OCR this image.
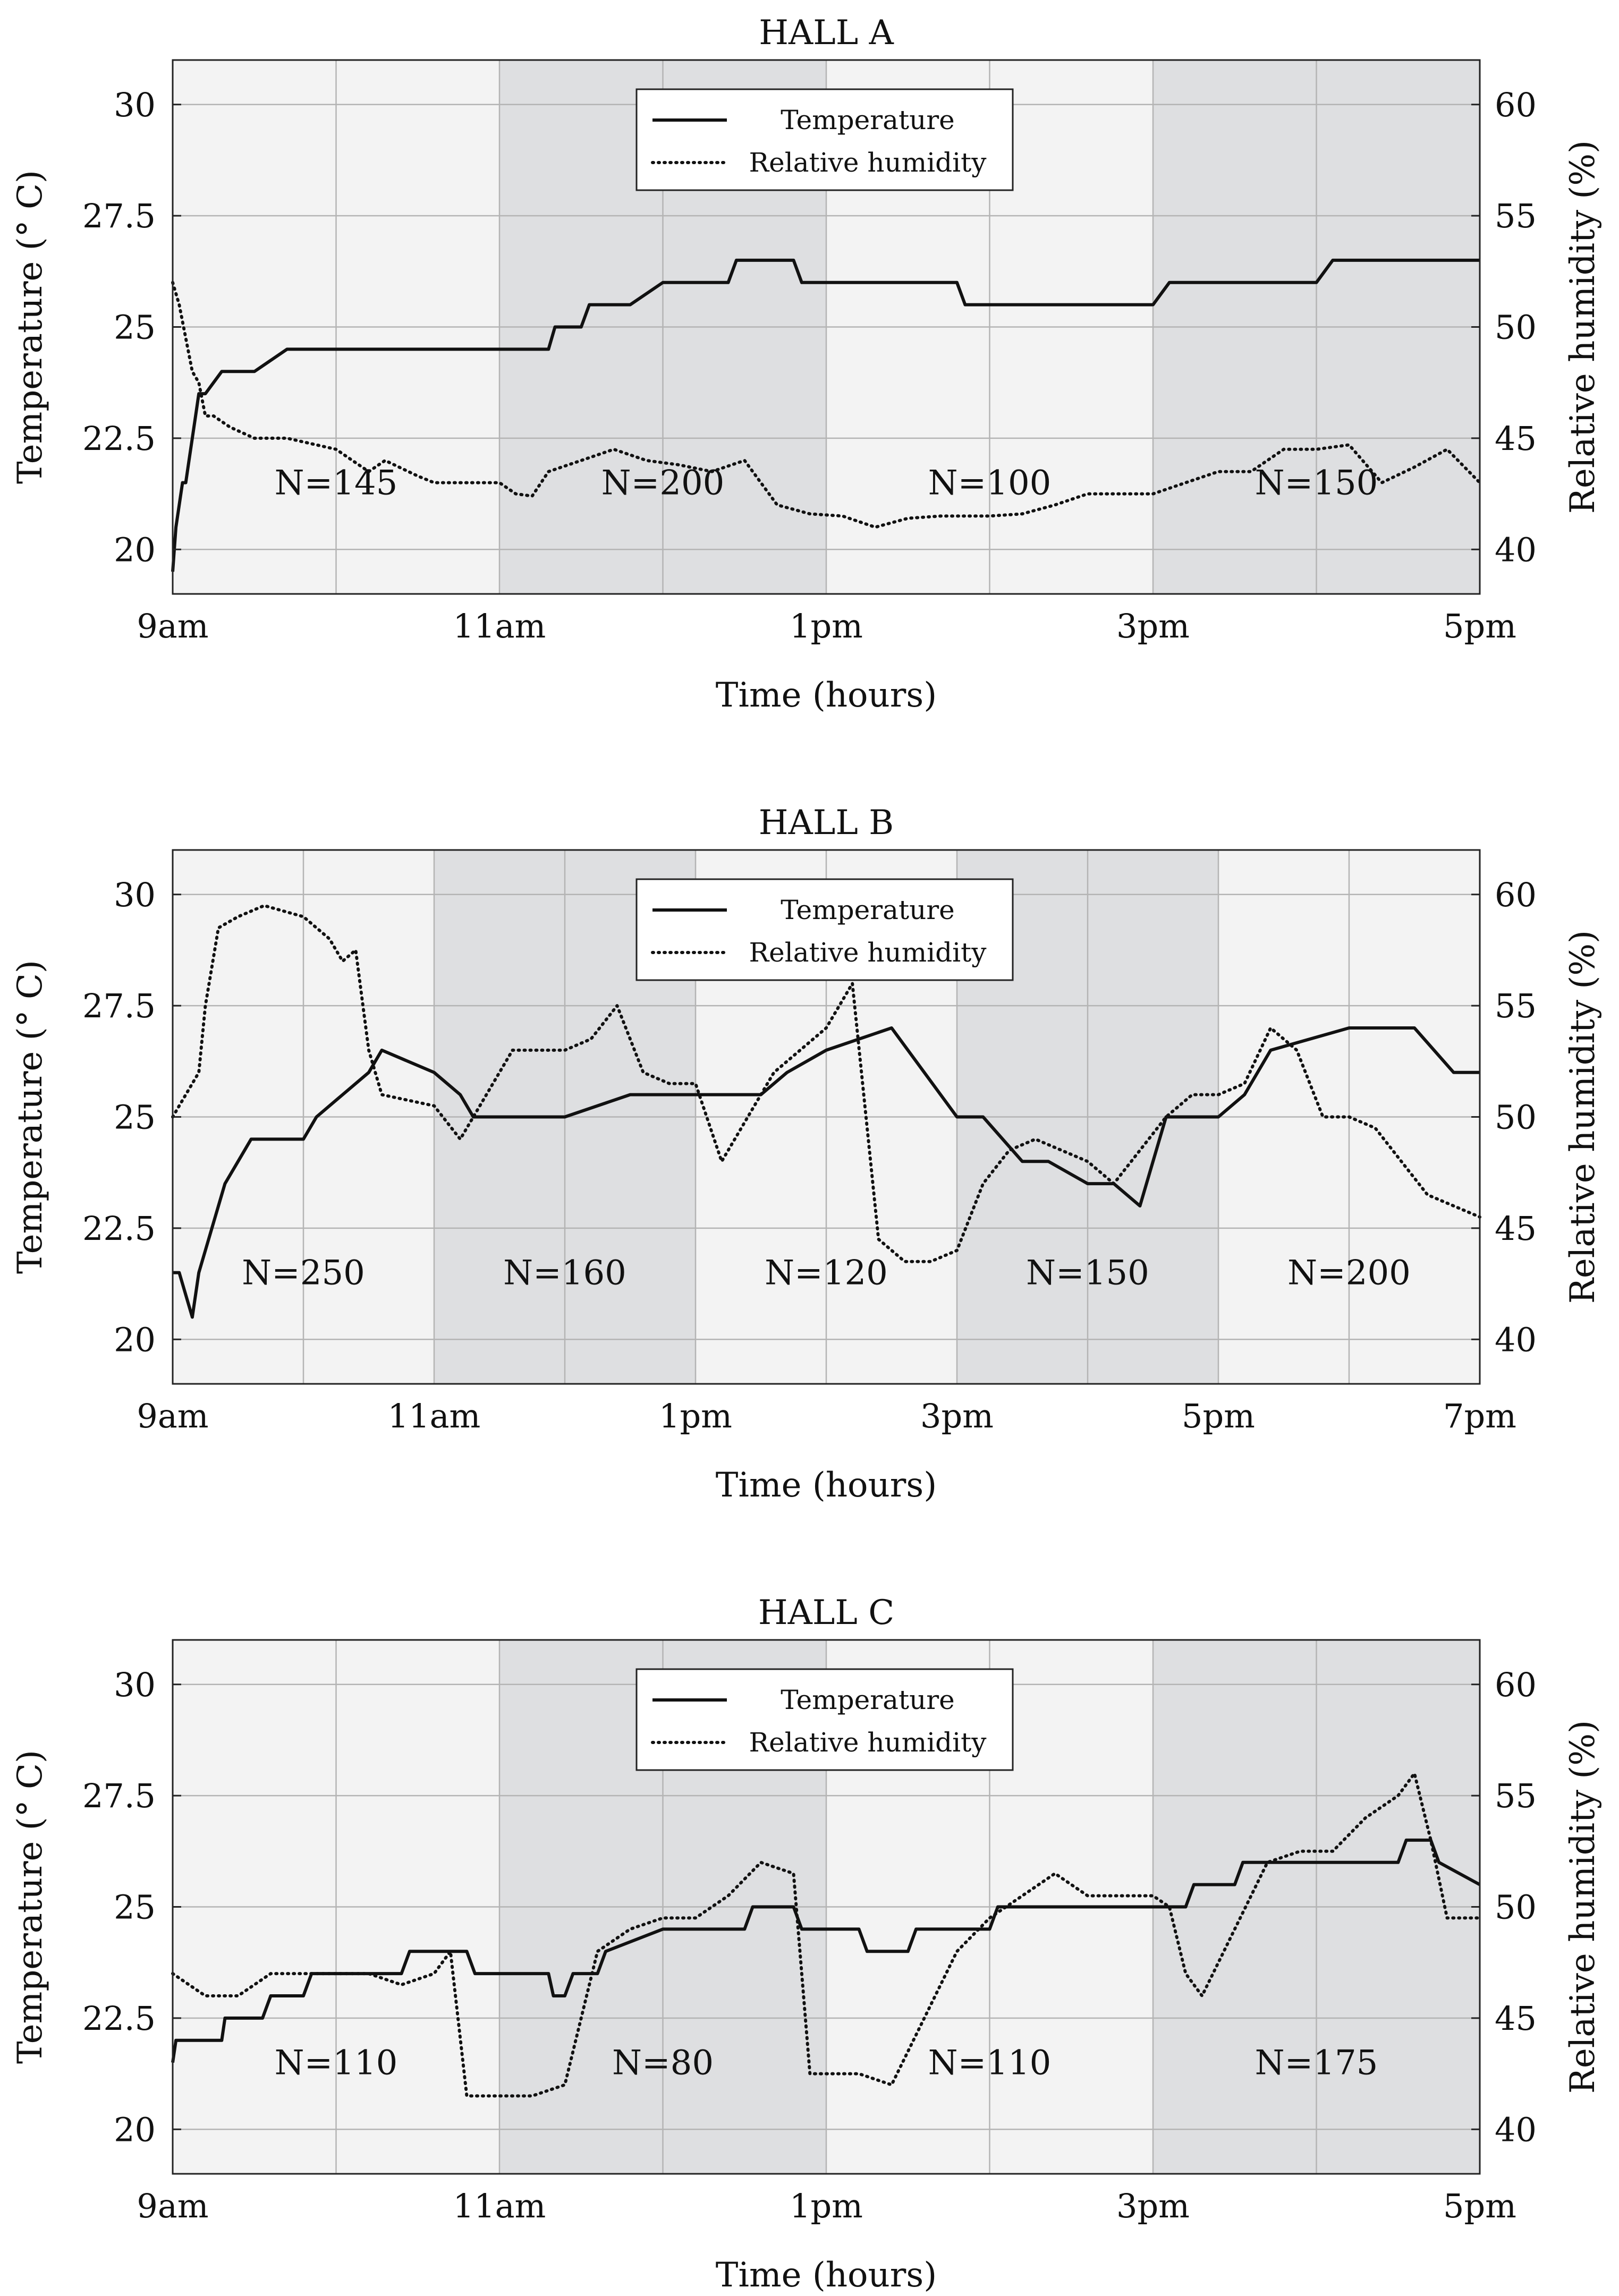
N=145	N=200	N=100	N=150
9am	11am	1pm	3pm	5pm
20
22.5
25
27.5
30
40
45
50
55
60
HALL A
Time (hours)
Temperature (° C)	Relative humidity (%)
Temperature
Relative humidity
N=250	N=160	N=120	N=150	N=200
9am	11am	1pm	3pm	5pm	7pm
20
22.5
25
27.5
30
40
45
50
55
60
HALL B
Time (hours)
Temperature (° C)	Relative humidity (%)
Temperature
Relative humidity
N=110	N=80	N=110	N=175
9am	11am	1pm	3pm	5pm
20
22.5
25
27.5
30
40
45
50
55
60
HALL C
Time (hours)
Temperature (° C)	Relative humidity (%)
Temperature
Relative humidity
